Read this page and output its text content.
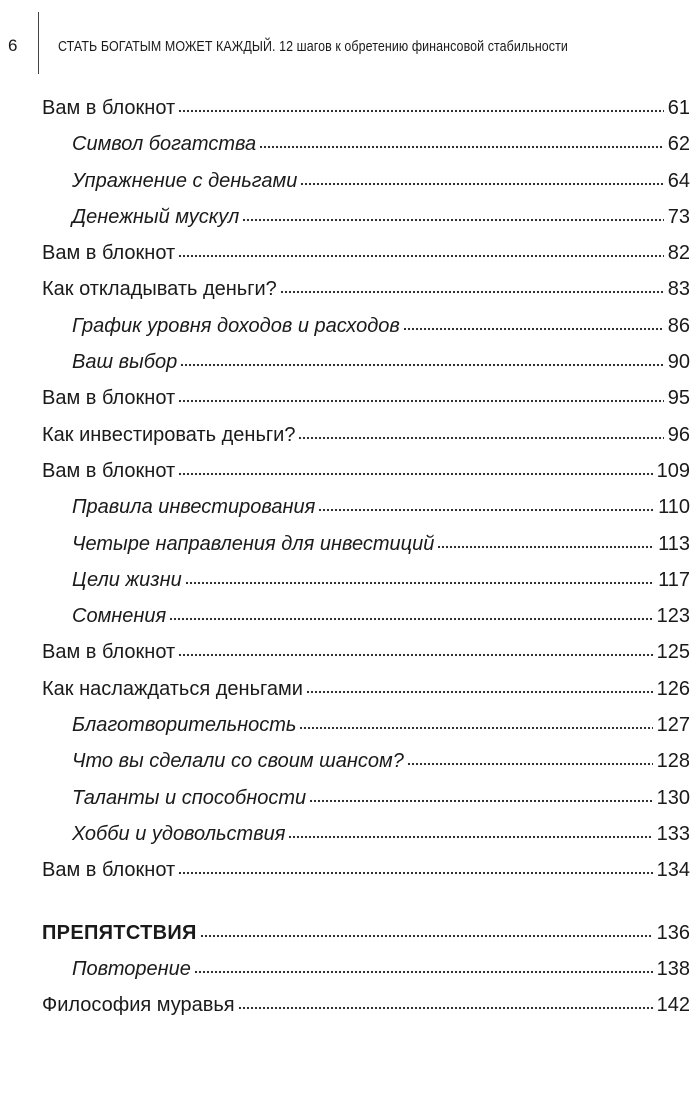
6	СТАТЬ БОГАТЫМ МОЖЕТ КАЖДЫЙ. 12 шагов к обретению финансовой стабильности
Вам в блокнот	61
Символ богатства	62
Упражнение с деньгами	64
Денежный мускул	73
Вам в блокнот	82
Как откладывать деньги?	83
График уровня доходов и расходов	86
Ваш выбор	90
Вам в блокнот	95
Как инвестировать деньги?	96
Вам в блокнот	109
Правила инвестирования	110
Четыре направления для инвестиций	113
Цели жизни	117
Сомнения	123
Вам в блокнот	125
Как наслаждаться деньгами	126
Благотворительность	127
Что вы сделали со своим шансом?	128
Таланты и способности	130
Хобби и удовольствия	133
Вам в блокнот	134
ПРЕПЯТСТВИЯ	136
Повторение	138
Философия муравья	142
